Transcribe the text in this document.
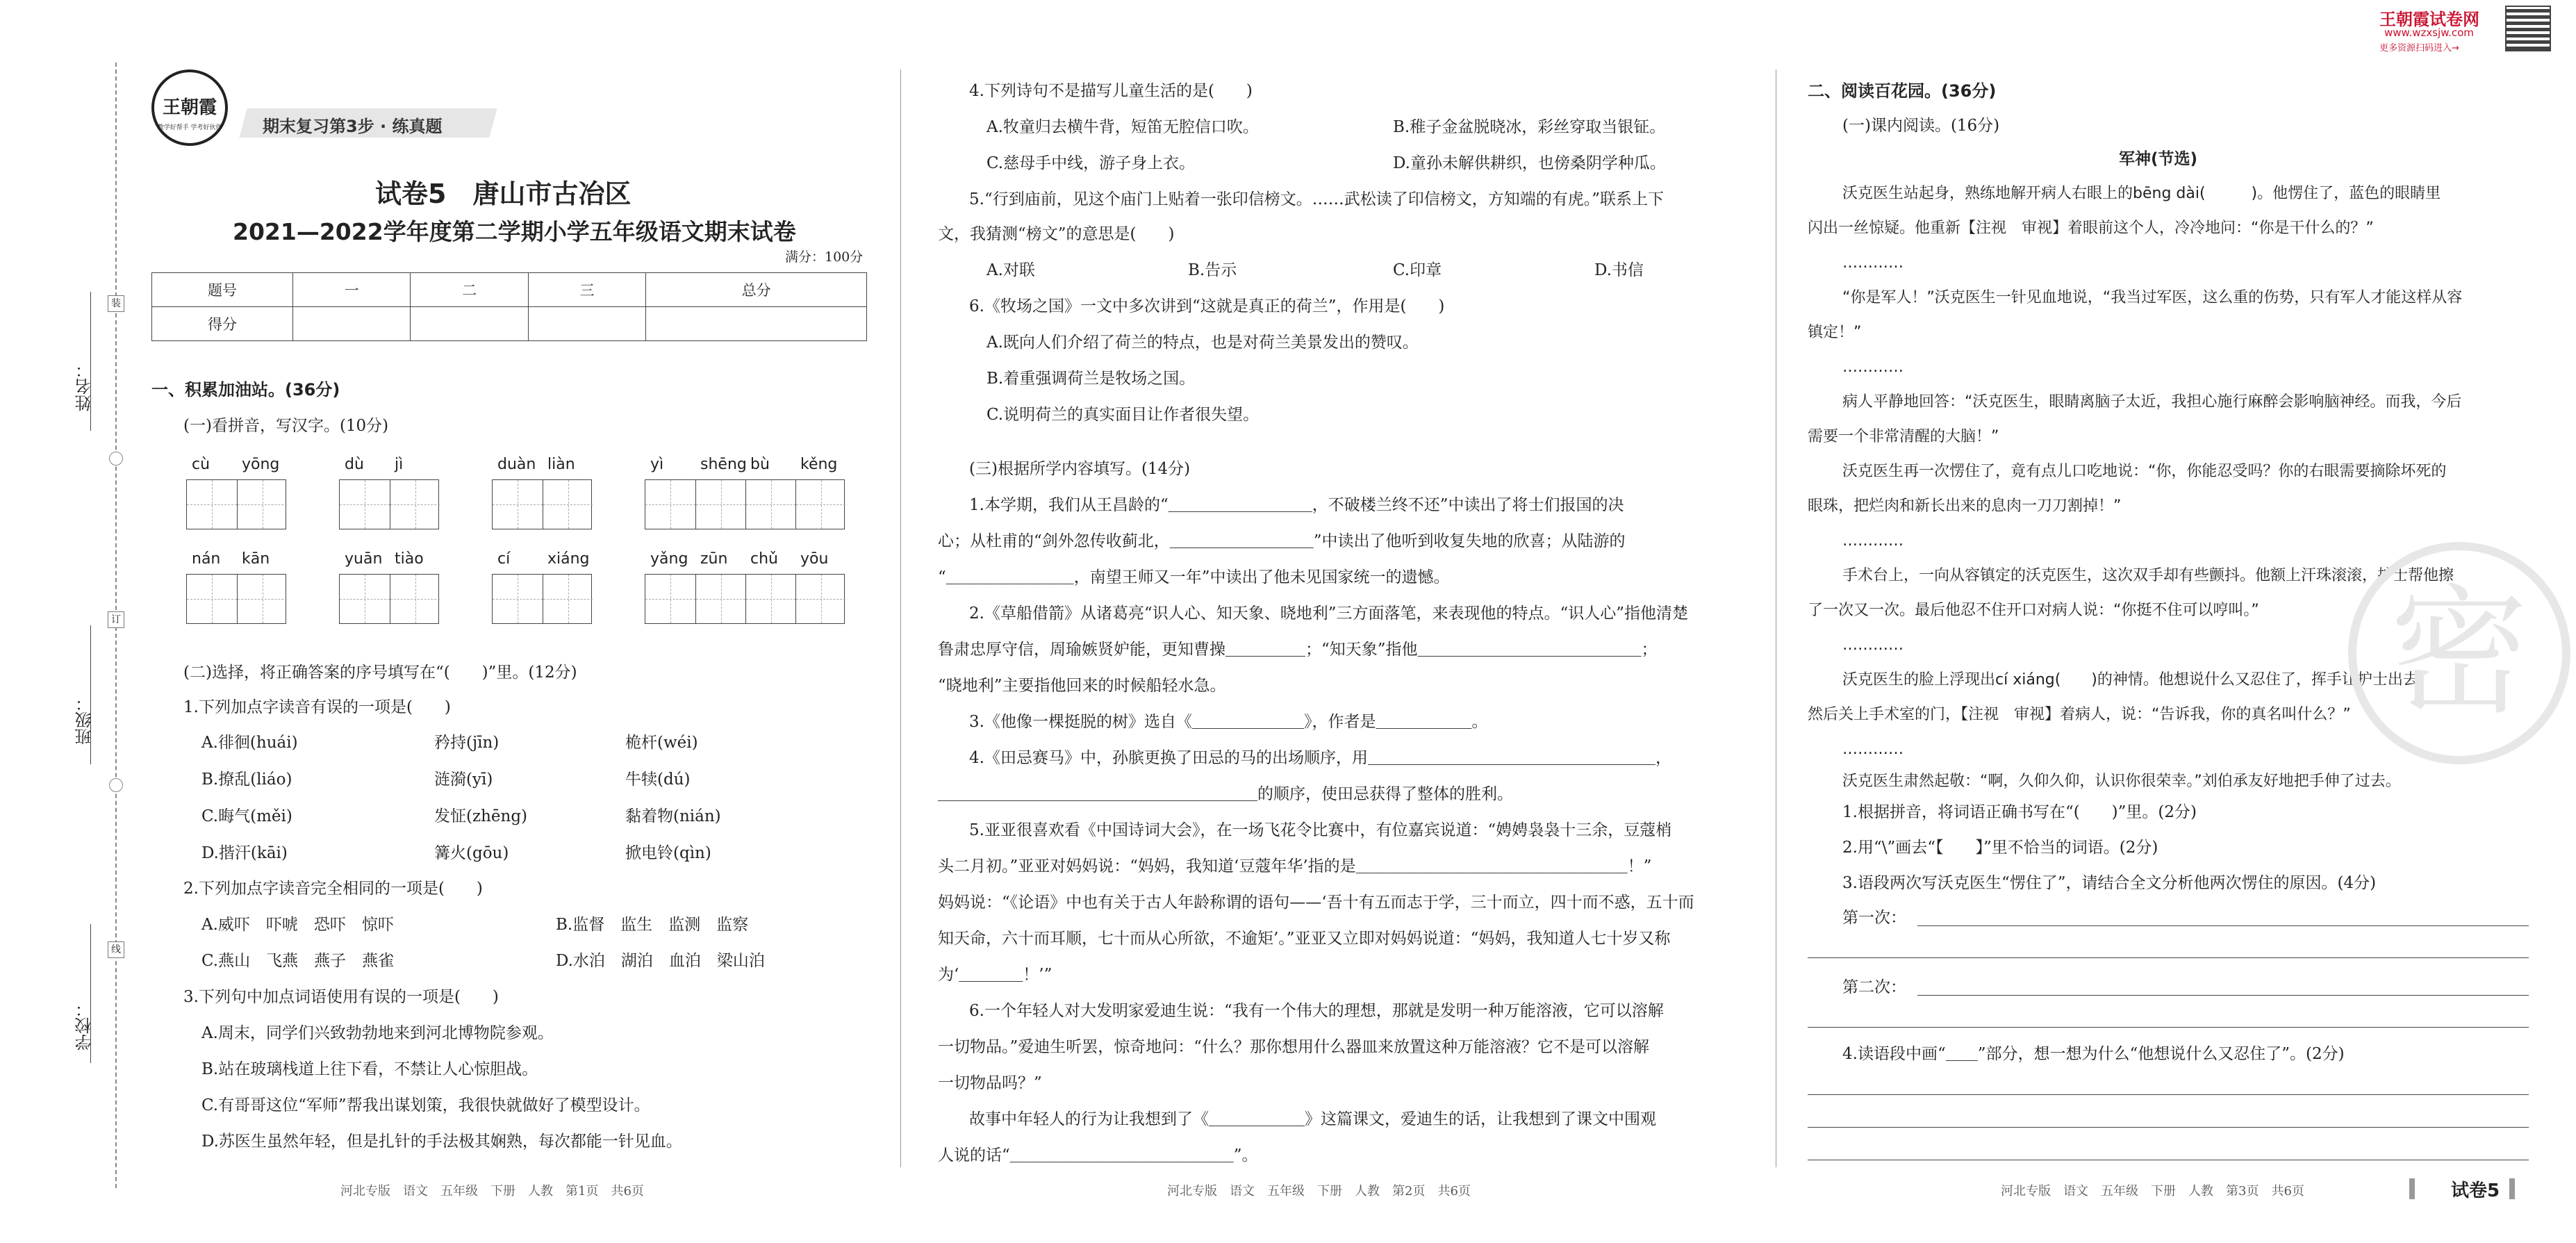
姓名：
班级：
学校：
装
订
线
王朝霞
教学好帮手 学考好伙伴 期末复习第3步 · 练真题
试卷5　唐山市古冶区
2021—2022学年度第二学期小学五年级语文期末试卷
满分：100分
题号	一	二	三	总分
得分				
一、积累加油站。(36分)
(一)看拼音，写汉字。(10分)
cù yōng	dù jì	duàn liàn	yì shēng bù kěng
nán kān	yuān tiào	cí xiáng	yǎng zūn chǔ yōu
(二)选择，将正确答案的序号填写在“(　　)”里。(12分)
1.下列加点字读音有误的一项是(　　)
A.徘徊(huái)	矜持(jīn)	桅杆(wéi)
B.撩乱(liáo)	涟漪(yī)	牛犊(dú)
C.晦气(měi)	发怔(zhēng)	黏着物(nián)
D.揩汗(kāi)	篝火(gōu)	掀电铃(qìn)
2.下列加点字读音完全相同的一项是(　　)
A.威吓　吓唬　恐吓　惊吓	B.监督　监生　监测　监察
C.燕山　飞燕　燕子　燕雀	D.水泊　湖泊　血泊　梁山泊
3.下列句中加点词语使用有误的一项是(　　)
A.周末，同学们兴致勃勃地来到河北博物院参观。
B.站在玻璃栈道上往下看，不禁让人心惊胆战。
C.有哥哥这位“军师”帮我出谋划策，我很快就做好了模型设计。
D.苏医生虽然年轻，但是扎针的手法极其娴熟，每次都能一针见血。
河北专版　语文　五年级　下册　人教　第1页　共6页
4.下列诗句不是描写儿童生活的是(　　)
A.牧童归去横牛背，短笛无腔信口吹。	B.稚子金盆脱晓冰，彩丝穿取当银钲。
C.慈母手中线，游子身上衣。	D.童孙未解供耕织，也傍桑阴学种瓜。
5.“行到庙前，见这个庙门上贴着一张印信榜文。……武松读了印信榜文，方知端的有虎。”联系上下
文，我猜测“榜文”的意思是(　　)
A.对联	B.告示	C.印章	D.书信
6.《牧场之国》一文中多次讲到“这就是真正的荷兰”，作用是(　　)
A.既向人们介绍了荷兰的特点，也是对荷兰美景发出的赞叹。
B.着重强调荷兰是牧场之国。
C.说明荷兰的真实面目让作者很失望。
(三)根据所学内容填写。(14分)
1.本学期，我们从王昌龄的“＿＿＿＿＿＿＿＿＿，不破楼兰终不还”中读出了将士们报国的决
心；从杜甫的“剑外忽传收蓟北，＿＿＿＿＿＿＿＿＿”中读出了他听到收复失地的欣喜；从陆游的
“＿＿＿＿＿＿＿＿，南望王师又一年”中读出了他未见国家统一的遗憾。
2.《草船借箭》从诸葛亮“识人心、知天象、晓地利”三方面落笔，来表现他的特点。“识人心”指他清楚
鲁肃忠厚守信，周瑜嫉贤妒能，更知曹操＿＿＿＿＿；“知天象”指他＿＿＿＿＿＿＿＿＿＿＿＿＿＿；
“晓地利”主要指他回来的时候船轻水急。
3.《他像一棵挺脱的树》选自《＿＿＿＿＿＿＿》，作者是＿＿＿＿＿＿。
4.《田忌赛马》中，孙膑更换了田忌的马的出场顺序，用＿＿＿＿＿＿＿＿＿＿＿＿＿＿＿＿＿＿，
＿＿＿＿＿＿＿＿＿＿＿＿＿＿＿＿＿＿＿＿的顺序，使田忌获得了整体的胜利。
5.亚亚很喜欢看《中国诗词大会》，在一场飞花令比赛中，有位嘉宾说道：“娉娉袅袅十三余，豆蔻梢
头二月初。”亚亚对妈妈说：“妈妈，我知道‘豆蔻年华’指的是＿＿＿＿＿＿＿＿＿＿＿＿＿＿＿＿＿！”
妈妈说：“《论语》中也有关于古人年龄称谓的语句——‘吾十有五而志于学，三十而立，四十而不惑，五十而
知天命，六十而耳顺，七十而从心所欲，不逾矩’。”亚亚又立即对妈妈说道：“妈妈，我知道人七十岁又称
为‘＿＿＿＿！’”
6.一个年轻人对大发明家爱迪生说：“我有一个伟大的理想，那就是发明一种万能溶液，它可以溶解
一切物品。”爱迪生听罢，惊奇地问：“什么？那你想用什么器皿来放置这种万能溶液？它不是可以溶解
一切物品吗？”
故事中年轻人的行为让我想到了《＿＿＿＿＿＿》这篇课文，爱迪生的话，让我想到了课文中围观
人说的话“＿＿＿＿＿＿＿＿＿＿＿＿＿＿”。
河北专版　语文　五年级　下册　人教　第2页　共6页
二、阅读百花园。(36分)
(一)课内阅读。(16分)
军神(节选)
沃克医生站起身，熟练地解开病人右眼上的bēng dài(　　　)。他愣住了，蓝色的眼睛里
闪出一丝惊疑。他重新【注视　审视】着眼前这个人，冷冷地问：“你是干什么的？”
…………
“你是军人！”沃克医生一针见血地说，“我当过军医，这么重的伤势，只有军人才能这样从容
镇定！”
…………
病人平静地回答：“沃克医生，眼睛离脑子太近，我担心施行麻醉会影响脑神经。而我，今后
需要一个非常清醒的大脑！”
沃克医生再一次愣住了，竟有点儿口吃地说：“你，你能忍受吗？你的右眼需要摘除坏死的
眼珠，把烂肉和新长出来的息肉一刀刀割掉！”
…………
手术台上，一向从容镇定的沃克医生，这次双手却有些颤抖。他额上汗珠滚滚，护士帮他擦
了一次又一次。最后他忍不住开口对病人说：“你挺不住可以哼叫。”
…………
沃克医生的脸上浮现出cí xiáng(　　)的神情。他想说什么又忍住了，挥手让护士出去，
然后关上手术室的门，【注视　审视】着病人，说：“告诉我，你的真名叫什么？”
…………
沃克医生肃然起敬：“啊，久仰久仰，认识你很荣幸。”刘伯承友好地把手伸了过去。
1.根据拼音，将词语正确书写在“(　　)”里。(2分)
2.用“\”画去“【　　】”里不恰当的词语。(2分)
3.语段两次写沃克医生“愣住了”，请结合全文分析他两次愣住的原因。(4分)
第一次：
第二次：
4.读语段中画“＿＿”部分，想一想为什么“他想说什么又忍住了”。(2分)
密
河北专版　语文　五年级　下册　人教　第3页　共6页	试卷5
王朝霞试卷网
www.wzxsjw.com
更多资源扫码进入→
